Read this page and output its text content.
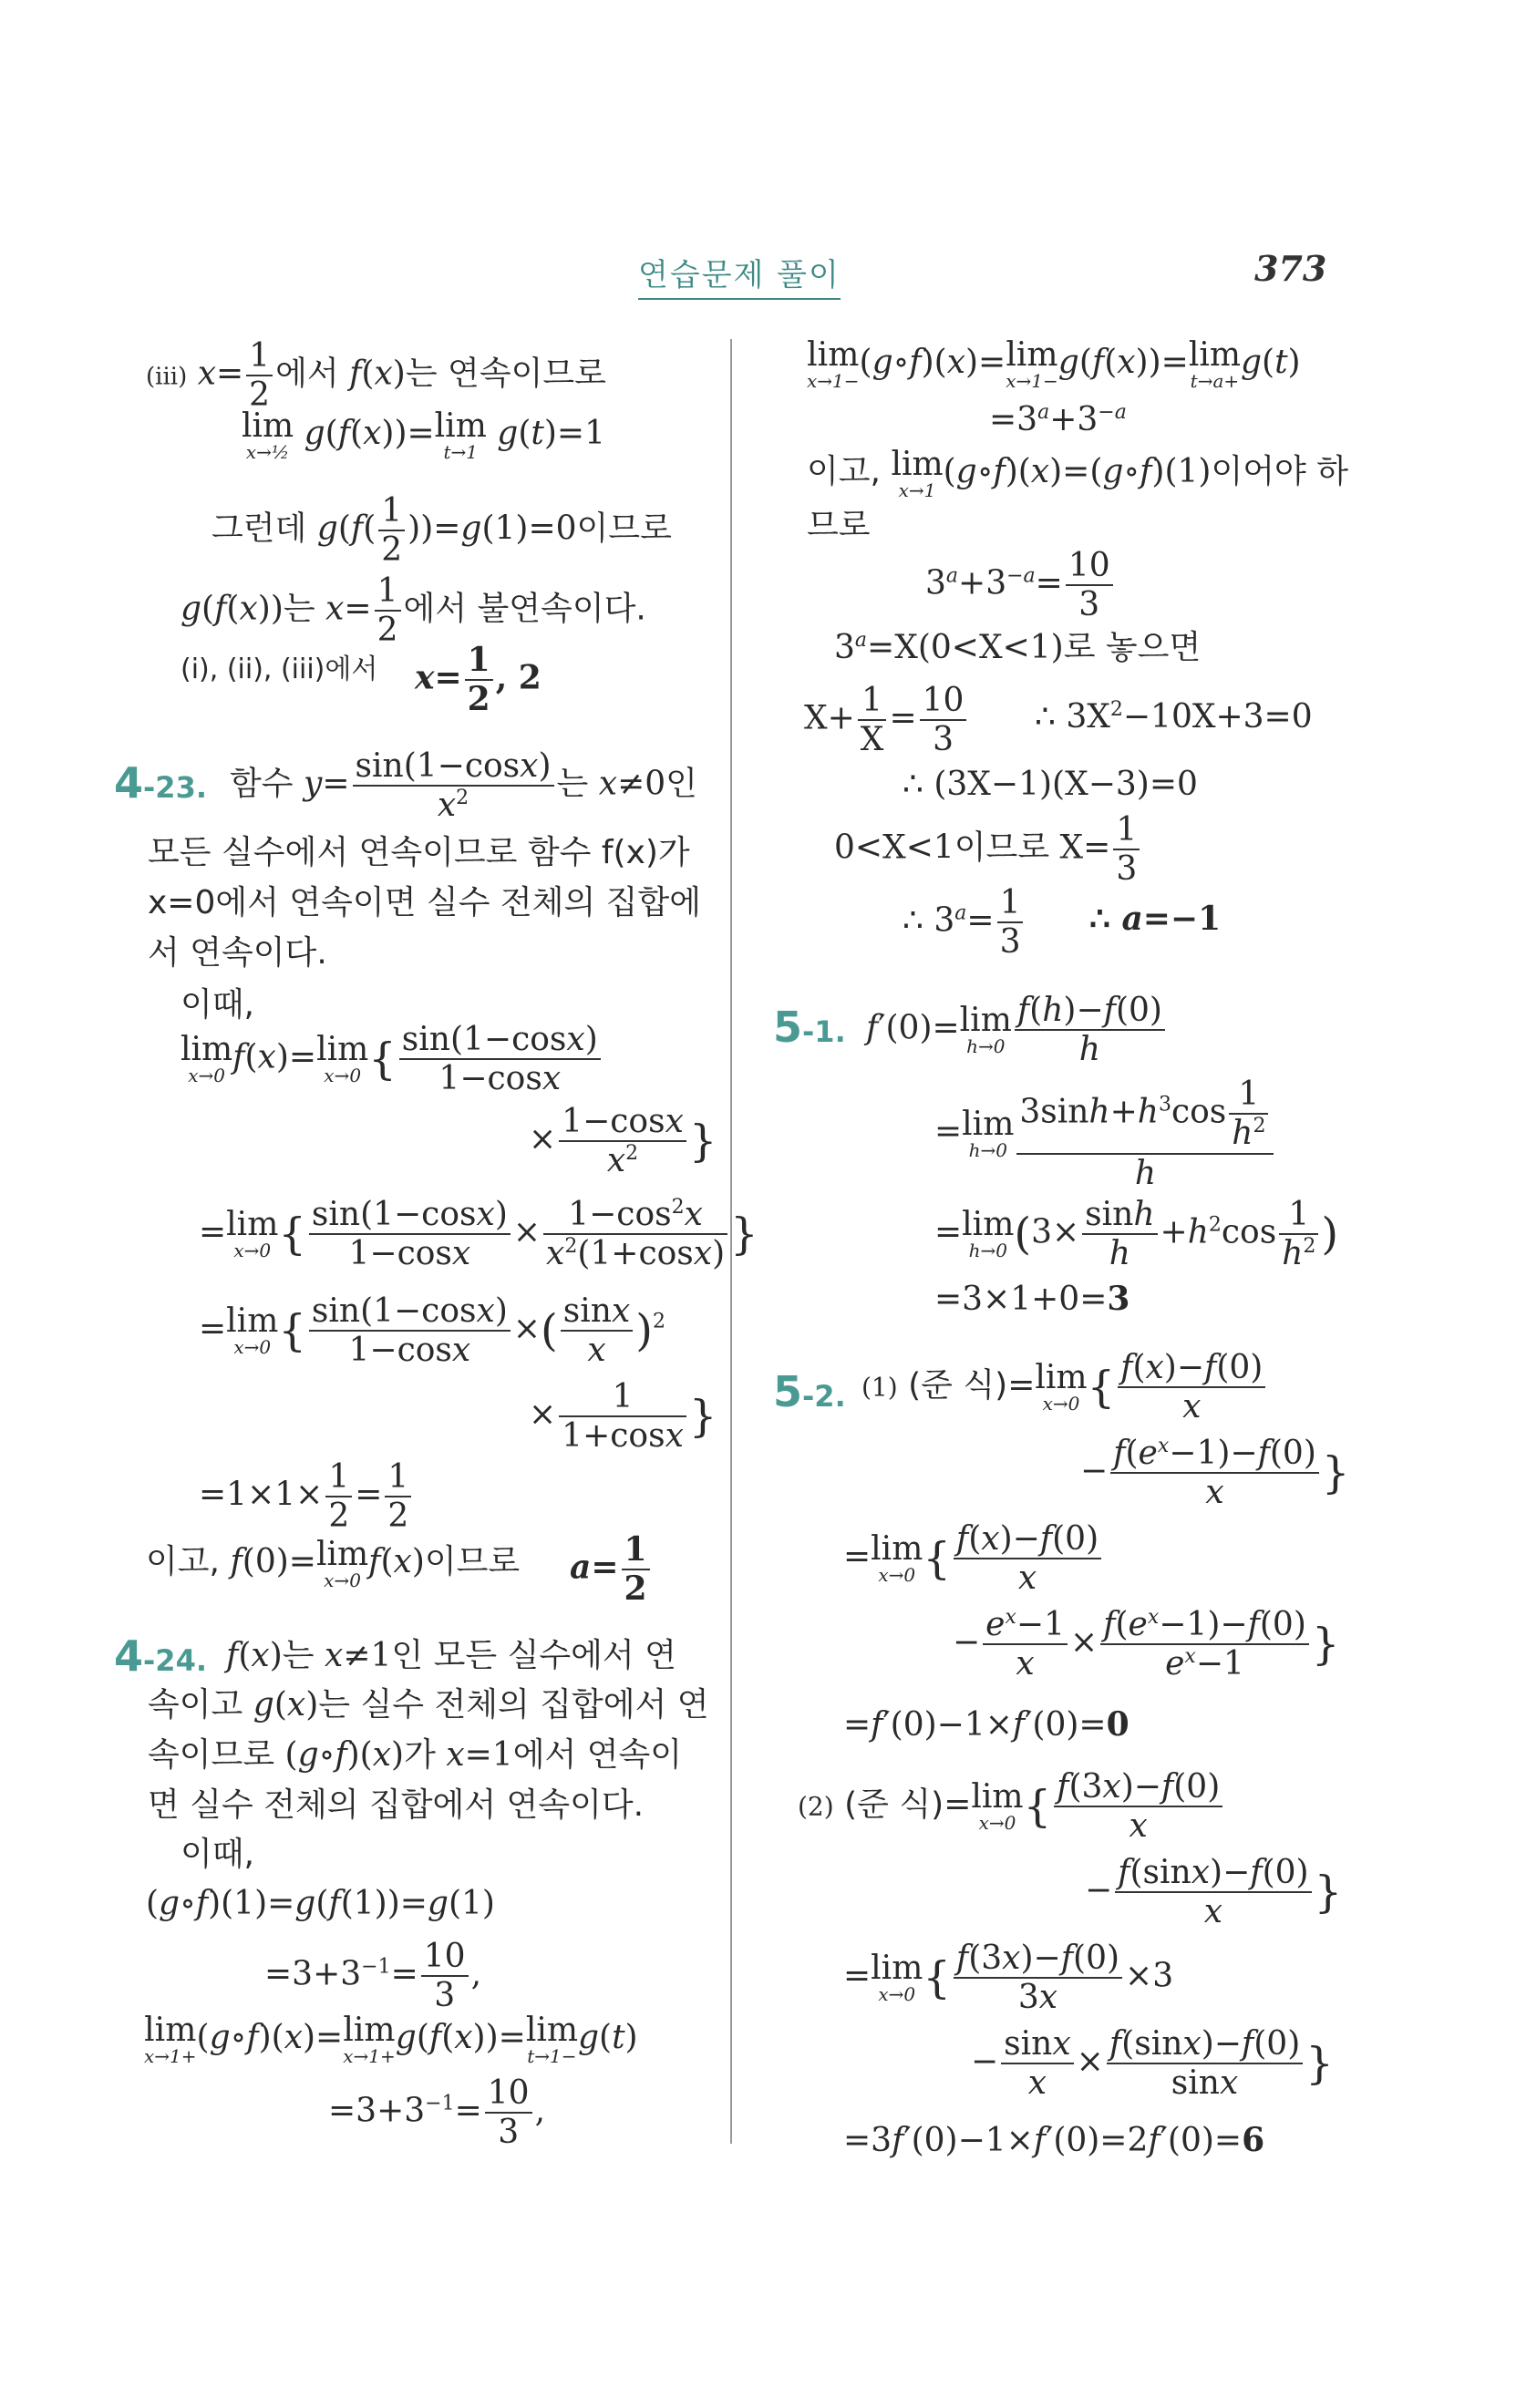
연습문제 풀이	373
(iii) $x= \frac{1}{2}$ 에서 f(x)는 연속이므로
lim
x→½ g(f(x))= lim
t→1 g(t)=1
그런데 $g(f( \frac{1}{2} ))=g(1)=0$이므로
g(f(x))는 $x= \frac{1}{2}$ 에서 불연속이다.
(i), (ii), (iii)에서 $x= \frac{1}{2}$ , 2
4-23. 함수 $y= \frac{\sin(1-\cos x)}{x^2}$ 는 x≠0인
모든 실수에서 연속이므로 함수 f(x)가
x=0에서 연속이면 실수 전체의 집합에
서 연속이다.
이때,
lim
x→0 f(x)= lim
x→0 { $\frac{\sin(1-\cos x)}{1-\cos x}$
× $\frac{1-\cos x}{x^2}$ }
= lim
x→0 { $\frac{\sin(1-\cos x)}{1-\cos x} \times \frac{1-\cos^2x}{x^2(1+\cos x)}$ }
= lim
x→0 { $\frac{\sin(1-\cos x)}{1-\cos x}$ ×( $\frac{\sin x}{x} )^2$
× $\frac{1}{1+\cos x}$ }
$=1\times 1\times \frac{1}{2} = \frac{1}{2}$
이고, f(0)= lim
x→0 f(x)이므로 $a= \frac{1}{2}$
4-24. f(x)는 x≠1인 모든 실수에서 연
속이고 g(x)는 실수 전체의 집합에서 연
속이므로 (g∘f)(x)가 x=1에서 연속이
면 실수 전체의 집합에서 연속이다.
이때,
(g∘f)(1)=g(f(1))=g(1)
$=3+3^{-1}= \frac{10}{3}$ ,
lim
x→1+ (g∘f)(x)= lim
x→1+ g(f(x))= lim
t→1− g(t)
$=3+3^{-1}= \frac{10}{3}$ ,
lim
x→1− (g∘f)(x)= lim
x→1− g(f(x))= lim
t→a+ g(t)
$=3^a+3^{-a}$
이고, lim
x→1 (g∘f)(x)=(g∘f)(1)이어야 하
므로
$3^a+3^{-a}= \frac{10}{3}$
$3^a=X(0<X<1)$로 놓으면
$X+ \frac{1}{X} = \frac{10}{3}$ ∴ $3X^2-10X+3=0$
∴ (3X−1)(X−3)=0
0<X<1이므로 $X= \frac{1}{3}$
∴ $3^a= \frac{1}{3}$ ∴ a=−1
5-1. f′(0)= lim
$h\to 0 \frac{f(h)-f(0)}{h}$
= lim
$h\to 0 \frac{3\sinh+h^3\cos \frac{1}{h^2}}{h}$
= lim
h→0 ($3\times \frac{\sinh}{h} +h^2\cos \frac{1}{h^2}$ )
=3×1+0=3
5-2. (1) (준 식)= lim
x→0 { $\frac{f(x)-f(0)}{x}$
− $\frac{f(e^x-1)-f(0)}{x}$ }
= lim
x→0 { $\frac{f(x)-f(0)}{x}$
− $\frac{e^x-1}{x} \times \frac{f(e^x-1)-f(0)}{e^x-1}$ }
=f′(0)−1×f′(0)=0
(2) (준 식)= lim
x→0 { $\frac{f(3x)-f(0)}{x}$
− $\frac{f(\sin x)-f(0)}{x}$ }
= lim
x→0 { $\frac{f(3x)-f(0)}{3x} \times 3$
− $\frac{\sin x}{x} \times \frac{f(\sin x)-f(0)}{\sin x}$ }
=3f′(0)−1×f′(0)=2f′(0)=6
